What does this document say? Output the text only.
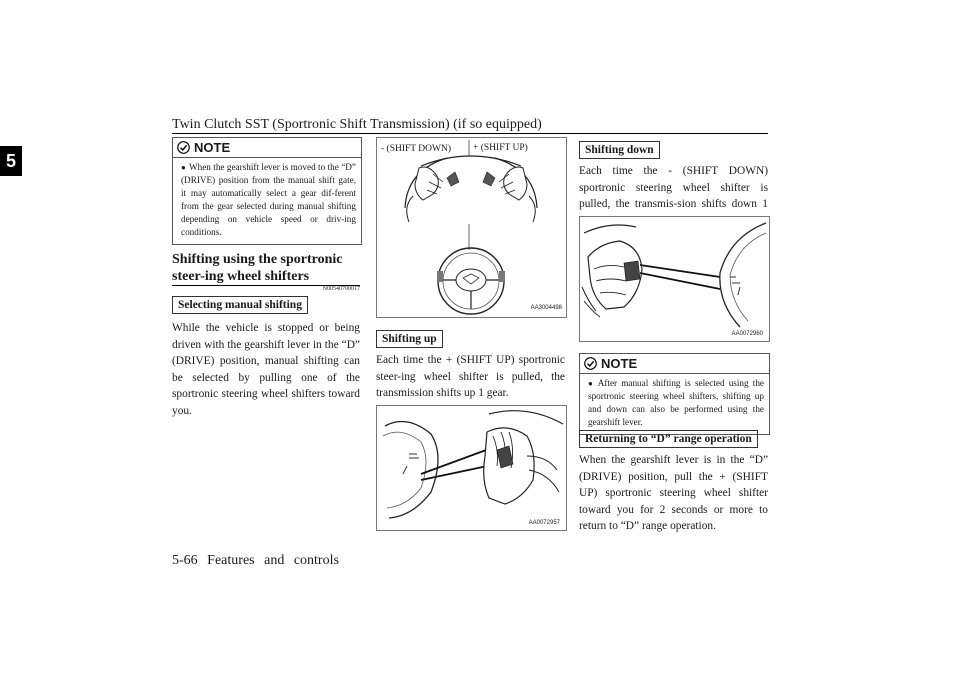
Twin Clutch SST (Sportronic Shift Transmission) (if so equipped)
5
NOTE
● When the gearshift lever is moved to the “D” (DRIVE) position from the manual shift gate, it may automatically select a gear dif-ferent from the gear selected during manual shifting depending on vehicle speed or driv-ing conditions.
Shifting using the sportronic steer-ing wheel shifters
N00540700017
Selecting manual shifting
While the vehicle is stopped or being driven with the gearshift lever in the “D” (DRIVE) position, manual shifting can be selected by pulling one of the sportronic steering wheel shifters toward you.
- (SHIFT DOWN) + (SHIFT UP)
AA3004498
Shifting up
Each time the + (SHIFT UP) sportronic steer-ing wheel shifter is pulled, the transmission shifts up 1 gear.
AA0072957
Shifting down
Each time the - (SHIFT DOWN) sportronic steering wheel shifter is pulled, the transmis-sion shifts down 1
AA0072960
NOTE
● After manual shifting is selected using the sportronic steering wheel shifters, shifting up and down can also be performed using the gearshift lever.
Returning to “D” range operation
When the gearshift lever is in the “D” (DRIVE) position, pull the + (SHIFT UP) sportronic steering wheel shifter toward you for 2 seconds or more to return to “D” range operation.
5-66 Features and controls
